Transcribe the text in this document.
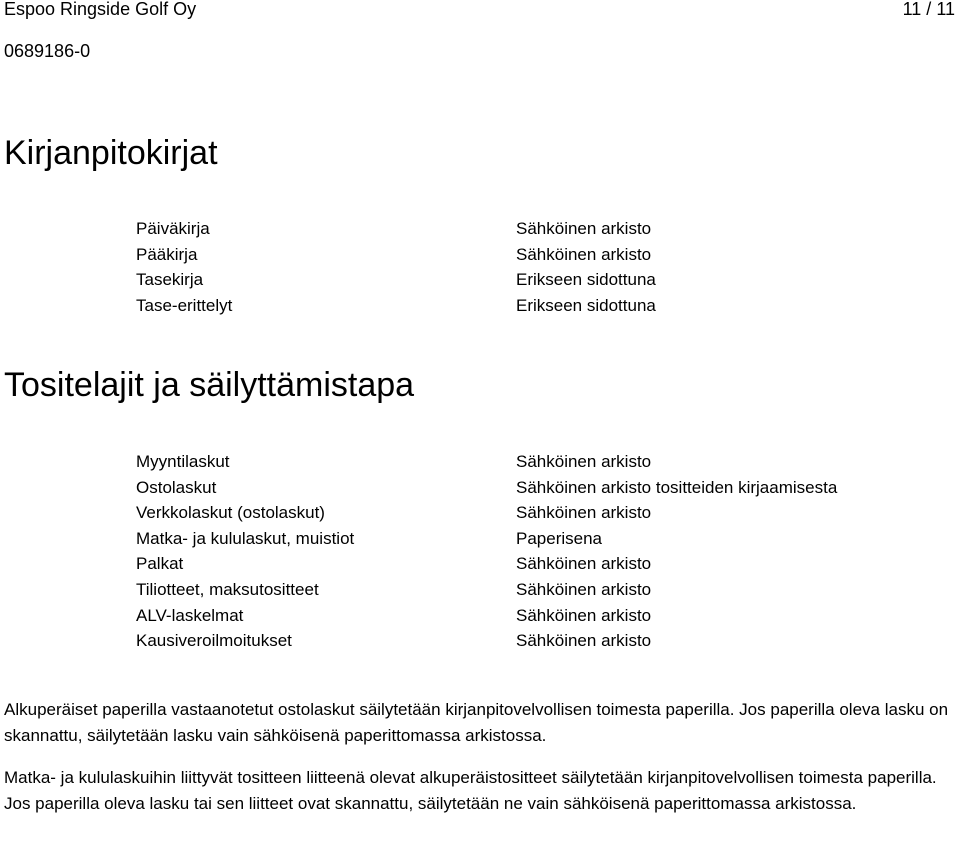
Espoo Ringside Golf Oy	11 / 11
0689186-0
Kirjanpitokirjat
Päiväkirja
Pääkirja
Tasekirja
Tase-erittelyt
Sähköinen arkisto
Sähköinen arkisto
Erikseen sidottuna
Erikseen sidottuna
Tositelajit ja säilyttämistapa
Myyntilaskut
Ostolaskut
Verkkolaskut (ostolaskut)
Matka- ja kululaskut, muistiot
Palkat
Tiliotteet, maksutositteet
ALV-laskelmat
Kausiveroilmoitukset
Sähköinen arkisto
Sähköinen arkisto tositteiden kirjaamisesta
Sähköinen arkisto
Paperisena
Sähköinen arkisto
Sähköinen arkisto
Sähköinen arkisto
Sähköinen arkisto

Alkuperäiset paperilla vastaanotetut ostolaskut säilytetään kirjanpitovelvollisen toimesta paperilla. Jos paperilla oleva lasku on skannattu, säilytetään lasku vain sähköisenä paperittomassa arkistossa.

Matka- ja kululaskuihin liittyvät tositteen liitteenä olevat alkuperäistositteet säilytetään kirjanpitovelvollisen toimesta paperilla. Jos paperilla oleva lasku tai sen liitteet ovat skannattu, säilytetään ne vain sähköisenä paperittomassa arkistossa.
